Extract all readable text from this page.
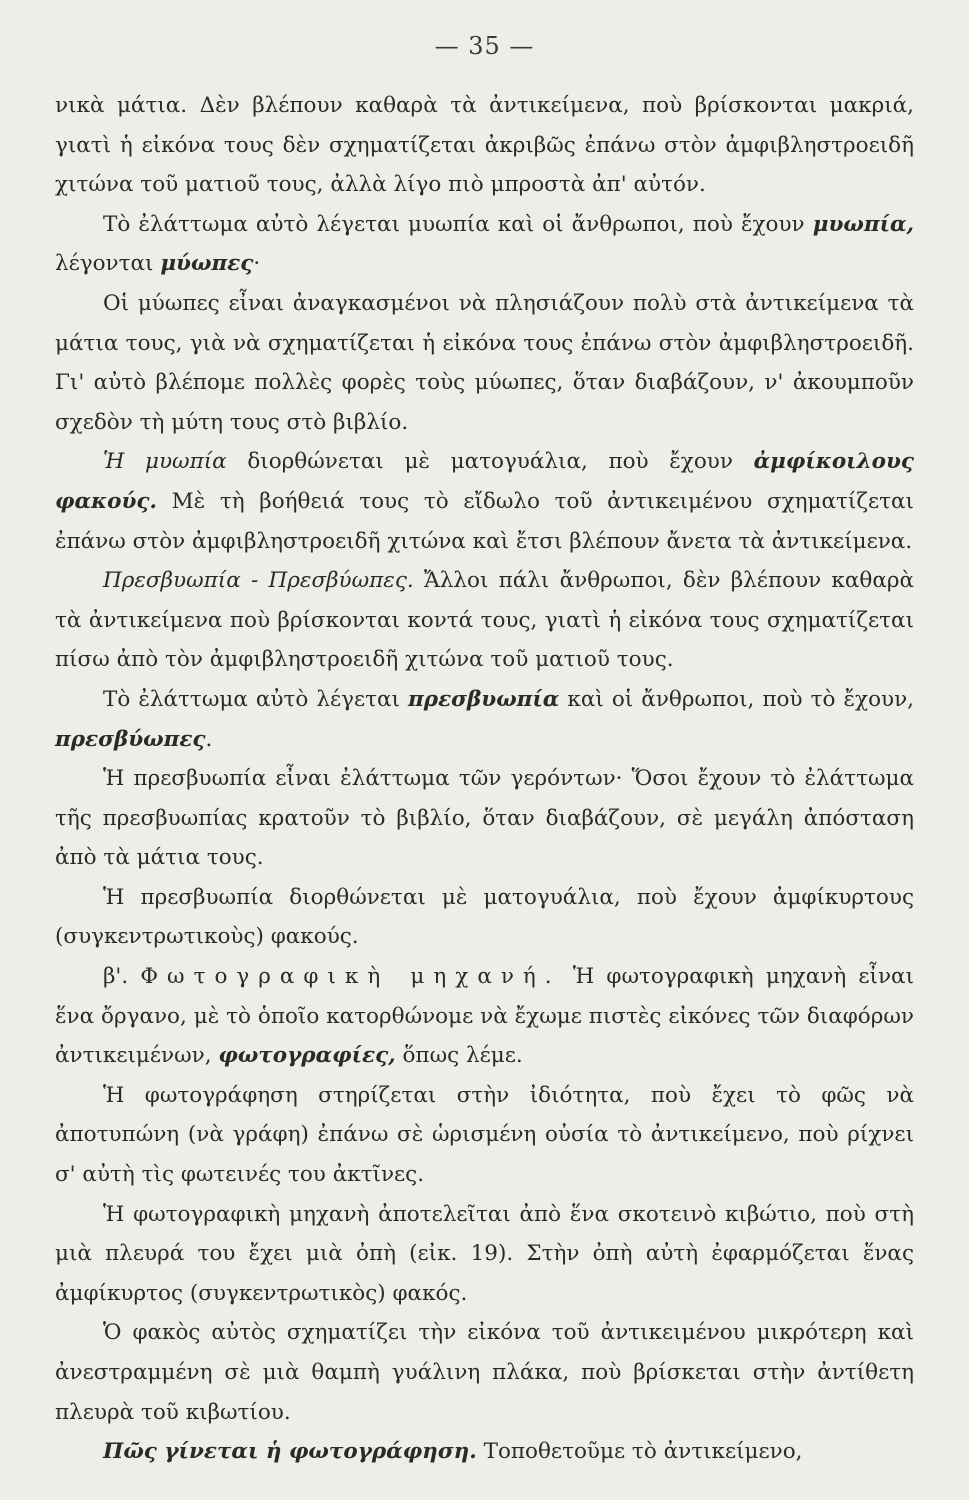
— 35 —

νικὰ μάτια. Δὲν βλέπουν καθαρὰ τὰ ἀντικείμενα, ποὺ βρίσκονται μακριά, γιατὶ ἡ εἰκόνα τους δὲν σχηματίζεται ἀκριβῶς ἐπάνω στὸν ἀμφιβληστροειδῆ χιτώνα τοῦ ματιοῦ τους, ἀλλὰ λίγο πιὸ μπροστὰ ἀπ' αὐτόν.

Τὸ ἐλάττωμα αὐτὸ λέγεται μυωπία καὶ οἱ ἄνθρωποι, ποὺ ἔχουν μυωπία, λέγονται μύωπες·

Οἱ μύωπες εἶναι ἀναγκασμένοι νὰ πλησιάζουν πολὺ στὰ ἀντικείμενα τὰ μάτια τους, γιὰ νὰ σχηματίζεται ἡ εἰκόνα τους ἐπάνω στὸν ἀμφιβληστροειδῆ. Γι' αὐτὸ βλέπομε πολλὲς φορὲς τοὺς μύωπες, ὅταν διαβάζουν, ν' ἀκουμποῦν σχεδὸν τὴ μύτη τους στὸ βιβλίο.

Ἡ μυωπία διορθώνεται μὲ ματογυάλια, ποὺ ἔχουν ἀμφίκοιλους φακούς. Μὲ τὴ βοήθειά τους τὸ εἴδωλο τοῦ ἀντικειμένου σχηματίζεται ἐπάνω στὸν ἀμφιβληστροειδῆ χιτώνα καὶ ἔτσι βλέπουν ἄνετα τὰ ἀντικείμενα.

Πρεσβυωπία - Πρεσβύωπες. Ἄλλοι πάλι ἄνθρωποι, δὲν βλέπουν καθαρὰ τὰ ἀντικείμενα ποὺ βρίσκονται κοντά τους, γιατὶ ἡ εἰκόνα τους σχηματίζεται πίσω ἀπὸ τὸν ἀμφιβληστροειδῆ χιτώνα τοῦ ματιοῦ τους.

Τὸ ἐλάττωμα αὐτὸ λέγεται πρεσβυωπία καὶ οἱ ἄνθρωποι, ποὺ τὸ ἔχουν, πρεσβύωπες.

Ἡ πρεσβυωπία εἶναι ἐλάττωμα τῶν γερόντων· Ὅσοι ἔχουν τὸ ἐλάττωμα τῆς πρεσβυωπίας κρατοῦν τὸ βιβλίο, ὅταν διαβάζουν, σὲ μεγάλη ἀπόσταση ἀπὸ τὰ μάτια τους.

Ἡ πρεσβυωπία διορθώνεται μὲ ματογυάλια, ποὺ ἔχουν ἀμφίκυρτους (συγκεντρωτικοὺς) φακούς.

β'. Φωτογραφικὴ μηχανή. Ἡ φωτογραφικὴ μηχανὴ εἶναι ἕνα ὄργανο, μὲ τὸ ὁποῖο κατορθώνομε νὰ ἔχωμε πιστὲς εἰκόνες τῶν διαφόρων ἀντικειμένων, φωτογραφίες, ὅπως λέμε.

Ἡ φωτογράφηση στηρίζεται στὴν ἰδιότητα, ποὺ ἔχει τὸ φῶς νὰ ἀποτυπώνη (νὰ γράφη) ἐπάνω σὲ ὡρισμένη οὐσία τὸ ἀντικείμενο, ποὺ ρίχνει σ' αὐτὴ τὶς φωτεινές του ἀκτῖνες.

Ἡ φωτογραφικὴ μηχανὴ ἀποτελεῖται ἀπὸ ἕνα σκοτεινὸ κιβώτιο, ποὺ στὴ μιὰ πλευρά του ἔχει μιὰ ὀπὴ (εἰκ. 19). Στὴν ὀπὴ αὐτὴ ἐφαρμόζεται ἕνας ἀμφίκυρτος (συγκεντρωτικὸς) φακός.

Ὁ φακὸς αὐτὸς σχηματίζει τὴν εἰκόνα τοῦ ἀντικειμένου μικρότερη καὶ ἀνεστραμμένη σὲ μιὰ θαμπὴ γυάλινη πλάκα, ποὺ βρίσκεται στὴν ἀντίθετη πλευρὰ τοῦ κιβωτίου.

Πῶς γίνεται ἡ φωτογράφηση. Τοποθετοῦμε τὸ ἀντικείμενο,
